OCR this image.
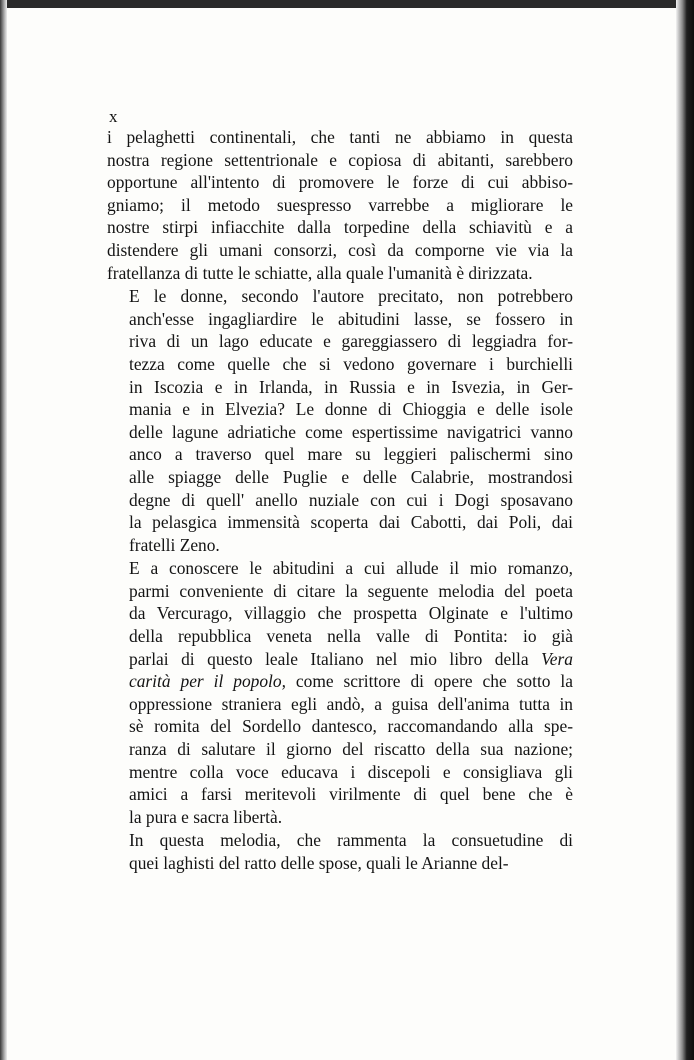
x

i pelaghetti continentali, che tanti ne abbiamo in questa
nostra regione settentrionale e copiosa di abitanti, sarebbero
opportune all'intento di promovere le forze di cui abbiso-
gniamo; il metodo suespresso varrebbe a migliorare le
nostre stirpi infiacchite dalla torpedine della schiavitù e a
distendere gli umani consorzi, così da comporne vie via la
fratellanza di tutte le schiatte, alla quale l'umanità è dirizzata.

E le donne, secondo l'autore precitato, non potrebbero
anch'esse ingagliardire le abitudini lasse, se fossero in
riva di un lago educate e gareggiassero di leggiadra for-
tezza come quelle che si vedono governare i burchielli
in Iscozia e in Irlanda, in Russia e in Isvezia, in Ger-
mania e in Elvezia? Le donne di Chioggia e delle isole
delle lagune adriatiche come espertissime navigatrici vanno
anco a traverso quel mare su leggieri palischermi sino
alle spiagge delle Puglie e delle Calabrie, mostrandosi
degne di quell' anello nuziale con cui i Dogi sposavano
la pelasgica immensità scoperta dai Cabotti, dai Poli, dai
fratelli Zeno.

E a conoscere le abitudini a cui allude il mio romanzo,
parmi conveniente di citare la seguente melodia del poeta
da Vercurago, villaggio che prospetta Olginate e l'ultimo
della repubblica veneta nella valle di Pontita: io già
parlai di questo leale Italiano nel mio libro della Vera
carità per il popolo, come scrittore di opere che sotto la
oppressione straniera egli andò, a guisa dell'anima tutta in
sè romita del Sordello dantesco, raccomandando alla spe-
ranza di salutare il giorno del riscatto della sua nazione;
mentre colla voce educava i discepoli e consigliava gli
amici a farsi meritevoli virilmente di quel bene che è
la pura e sacra libertà.

In questa melodia, che rammenta la consuetudine di
quei laghisti del ratto delle spose, quali le Arianne del-
